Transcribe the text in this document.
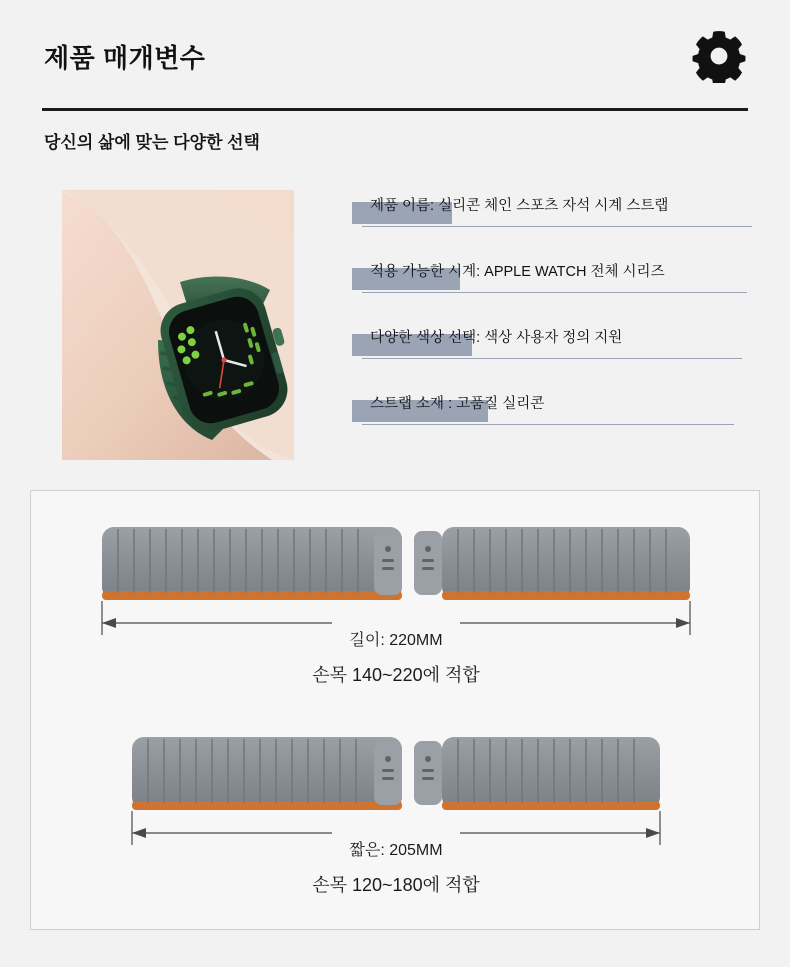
제품 매개변수
당신의 삶에 맞는 다양한 선택
제품 이름: 실리콘 체인 스포츠 자석 시계 스트랩
적용 가능한 시계: APPLE WATCH 전체 시리즈
다양한 색상 선택: 색상 사용자 정의 지원
스트랩 소재 : 고품질 실리콘
길이: 220MM
손목 140~220에 적합
짧은: 205MM
손목 120~180에 적합
